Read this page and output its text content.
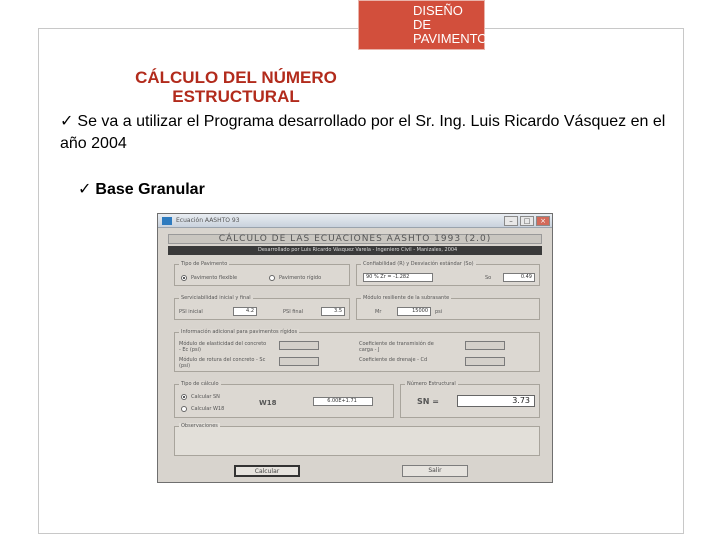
DISEÑO DE
PAVIMENTOS
CÁLCULO DEL NÚMERO
ESTRUCTURAL
✓ Se va a utilizar el Programa desarrollado por el Sr. Ing. Luis Ricardo Vásquez en el año 2004
✓ Base Granular
Ecuación AASHTO 93	–	□	×
CÁLCULO DE LAS ECUACIONES AASHTO 1993 (2.0)
Desarrollado por Luis Ricardo Vásquez Varela - Ingeniero Civil - Manizales, 2004
Tipo de Pavimento
Pavimento flexible	Pavimento rígido
Confiabilidad (R) y Desviación estándar (So)
90 % Zr = -1.282	So	0.49
Serviciabilidad inicial y final
PSI inicial	4.2	PSI final	3.5
Módulo resiliente de la subrasante
Mr	15000	psi
Información adicional para pavimentos rígidos
Módulo de elasticidad del concreto - Ec (psi)
Módulo de rotura del concreto - Sc (psi)
Coeficiente de transmisión de carga - J
Coeficiente de drenaje - Cd
Tipo de cálculo
Calcular SN
Calcular W18
W18	6.00E+1.71
Número Estructural
SN =	3.73
Observaciones
Calcular	Salir
